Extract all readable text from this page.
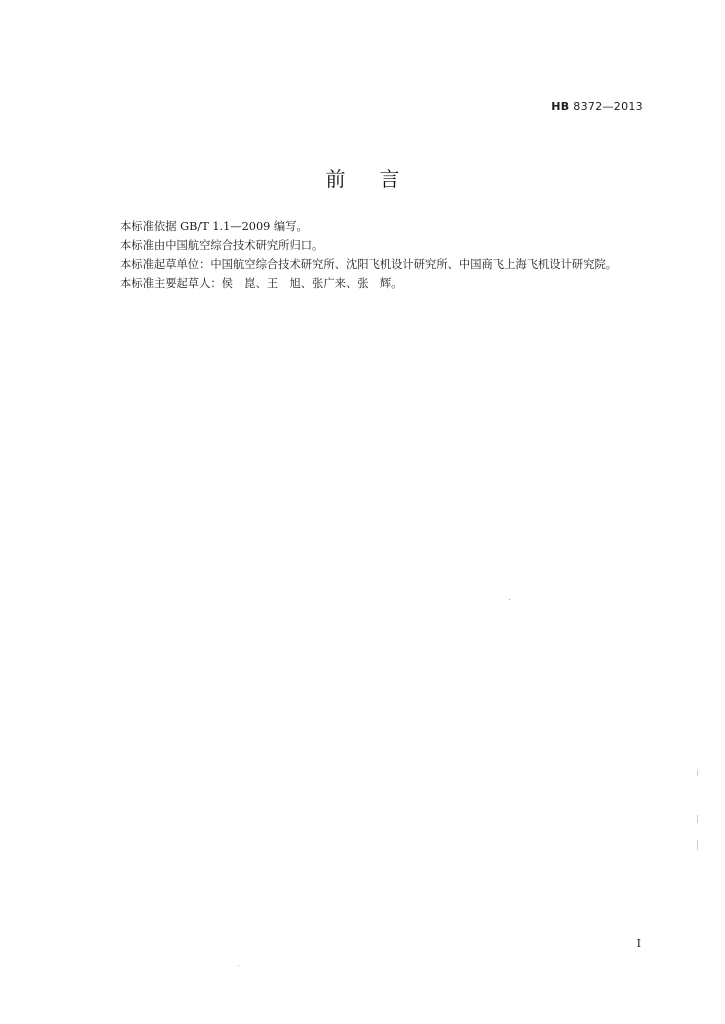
HB 8372—2013
前言
本标准依据 GB/T 1.1—2009 编写。
本标准由中国航空综合技术研究所归口。
本标准起草单位：中国航空综合技术研究所、沈阳飞机设计研究所、中国商飞上海飞机设计研究院。
本标准主要起草人：侯　崑、王　旭、张广来、张　辉。
I
